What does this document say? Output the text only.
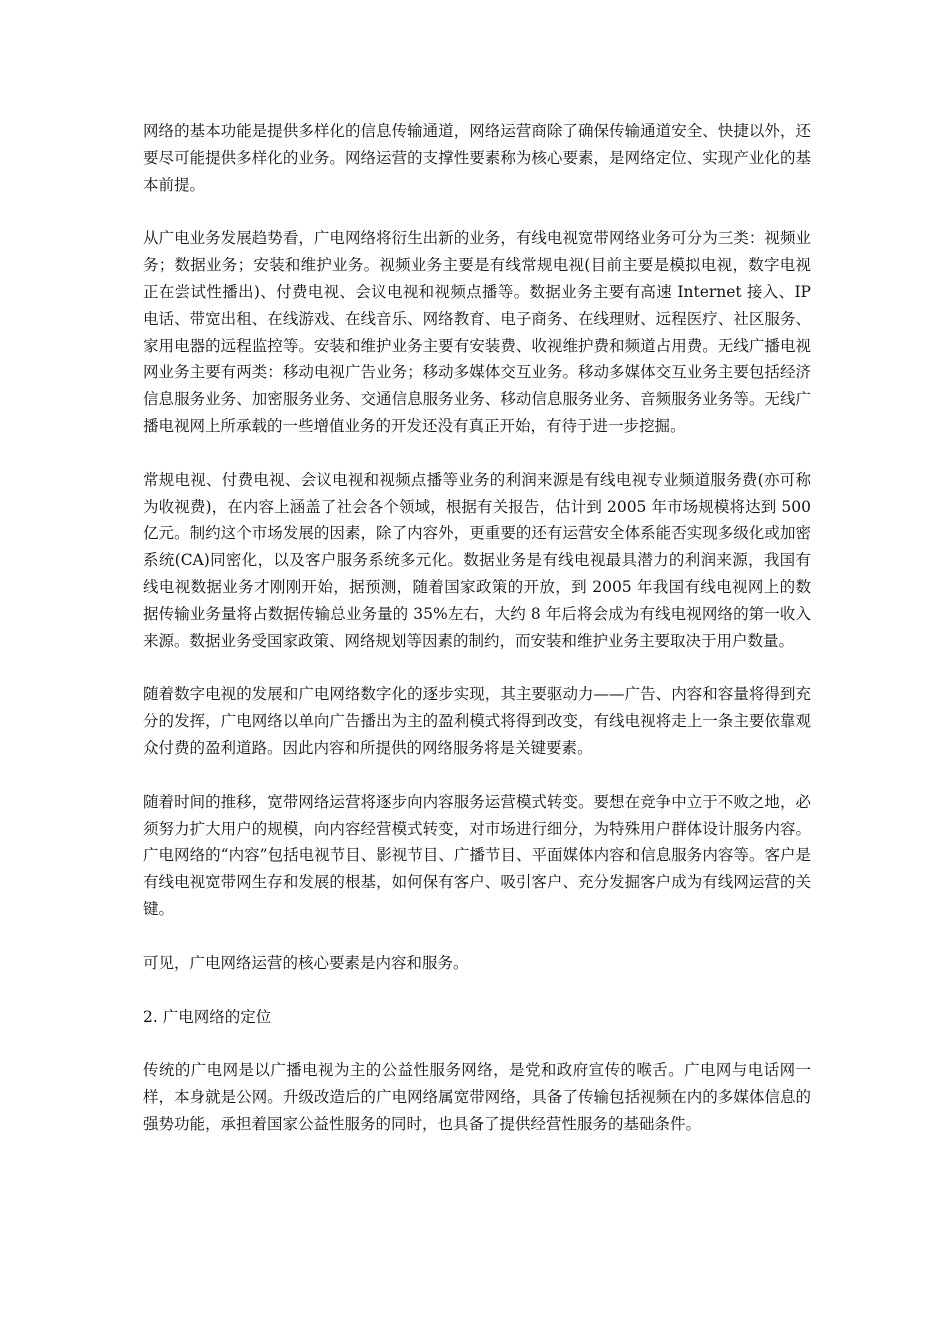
网络的基本功能是提供多样化的信息传输通道，网络运营商除了确保传输通道安全、快捷以外，还要尽可能提供多样化的业务。网络运营的支撑性要素称为核心要素，是网络定位、实现产业化的基本前提。

从广电业务发展趋势看，广电网络将衍生出新的业务，有线电视宽带网络业务可分为三类：视频业务；数据业务；安装和维护业务。视频业务主要是有线常规电视(目前主要是模拟电视，数字电视正在尝试性播出)、付费电视、会议电视和视频点播等。数据业务主要有高速 Internet 接入、IP 电话、带宽出租、在线游戏、在线音乐、网络教育、电子商务、在线理财、远程医疗、社区服务、家用电器的远程监控等。安装和维护业务主要有安装费、收视维护费和频道占用费。无线广播电视网业务主要有两类：移动电视广告业务；移动多媒体交互业务。移动多媒体交互业务主要包括经济信息服务业务、加密服务业务、交通信息服务业务、移动信息服务业务、音频服务业务等。无线广播电视网上所承载的一些增值业务的开发还没有真正开始，有待于进一步挖掘。

常规电视、付费电视、会议电视和视频点播等业务的利润来源是有线电视专业频道服务费(亦可称为收视费)，在内容上涵盖了社会各个领域，根据有关报告，估计到 2005 年市场规模将达到 500 亿元。制约这个市场发展的因素，除了内容外，更重要的还有运营安全体系能否实现多级化或加密系统(CA)同密化，以及客户服务系统多元化。数据业务是有线电视最具潜力的利润来源，我国有线电视数据业务才刚刚开始，据预测，随着国家政策的开放，到 2005 年我国有线电视网上的数据传输业务量将占数据传输总业务量的 35%左右，大约 8 年后将会成为有线电视网络的第一收入来源。数据业务受国家政策、网络规划等因素的制约，而安装和维护业务主要取决于用户数量。

随着数字电视的发展和广电网络数字化的逐步实现，其主要驱动力——广告、内容和容量将得到充分的发挥，广电网络以单向广告播出为主的盈利模式将得到改变，有线电视将走上一条主要依靠观众付费的盈利道路。因此内容和所提供的网络服务将是关键要素。

随着时间的推移，宽带网络运营将逐步向内容服务运营模式转变。要想在竞争中立于不败之地，必须努力扩大用户的规模，向内容经营模式转变，对市场进行细分，为特殊用户群体设计服务内容。广电网络的“内容”包括电视节目、影视节目、广播节目、平面媒体内容和信息服务内容等。客户是有线电视宽带网生存和发展的根基，如何保有客户、吸引客户、充分发掘客户成为有线网运营的关键。

可见，广电网络运营的核心要素是内容和服务。

2. 广电网络的定位

传统的广电网是以广播电视为主的公益性服务网络，是党和政府宣传的喉舌。广电网与电话网一样，本身就是公网。升级改造后的广电网络属宽带网络，具备了传输包括视频在内的多媒体信息的强势功能，承担着国家公益性服务的同时，也具备了提供经营性服务的基础条件。
